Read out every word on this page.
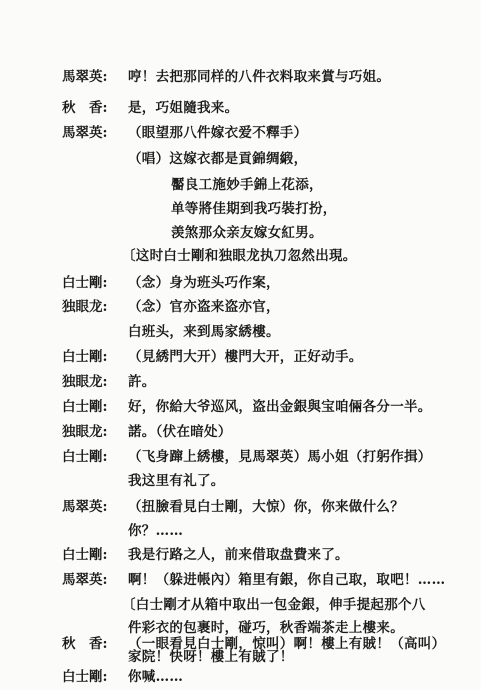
馬翠英:	哼！去把那同样的八件衣料取来賞与巧姐。
秋　香:	是，巧姐隨我来。
馬翠英:	（眼望那八件嫁衣爱不釋手）
（唱）这嫁衣都是貢錦绸緞，
靨良工施妙手錦上花添，
单等將佳期到我巧裝打扮，
羡煞那众亲友嫁女紅男。
〔这时白士剛和独眼龙执刀忽然出現。
白士剛:	（念）身为班头巧作案，
独眼龙:	（念）官亦盗来盗亦官，
白班头，来到馬家綉樓。
白士剛:	（見綉門大开）樓門大开，正好动手。
独眼龙:	許。
白士剛:	好，你給大爷巡风，盗出金銀與宝咱倆各分一半。
独眼龙:	諾。（伏在暗处）
白士剛:	（飞身蹿上綉樓，見馬翠英）馬小姐（打躬作揖）
我这里有礼了。
馬翠英:	（扭臉看見白士剛，大惊）你，你来做什么？
你？……
白士剛:	我是行路之人，前来借取盘費来了。
馬翠英:	啊！（躲进帳內）箱里有銀，你自己取，取吧！……
〔白士剛才从箱中取出一包金銀，伸手提起那个八
件彩衣的包裹时，碰巧，秋香端茶走上樓来。
秋　香:	（一眼看見白士剛，惊叫）啊！樓上有賊！（高叫）
家院！快呀！樓上有賊了！
白士剛:	你喊……
